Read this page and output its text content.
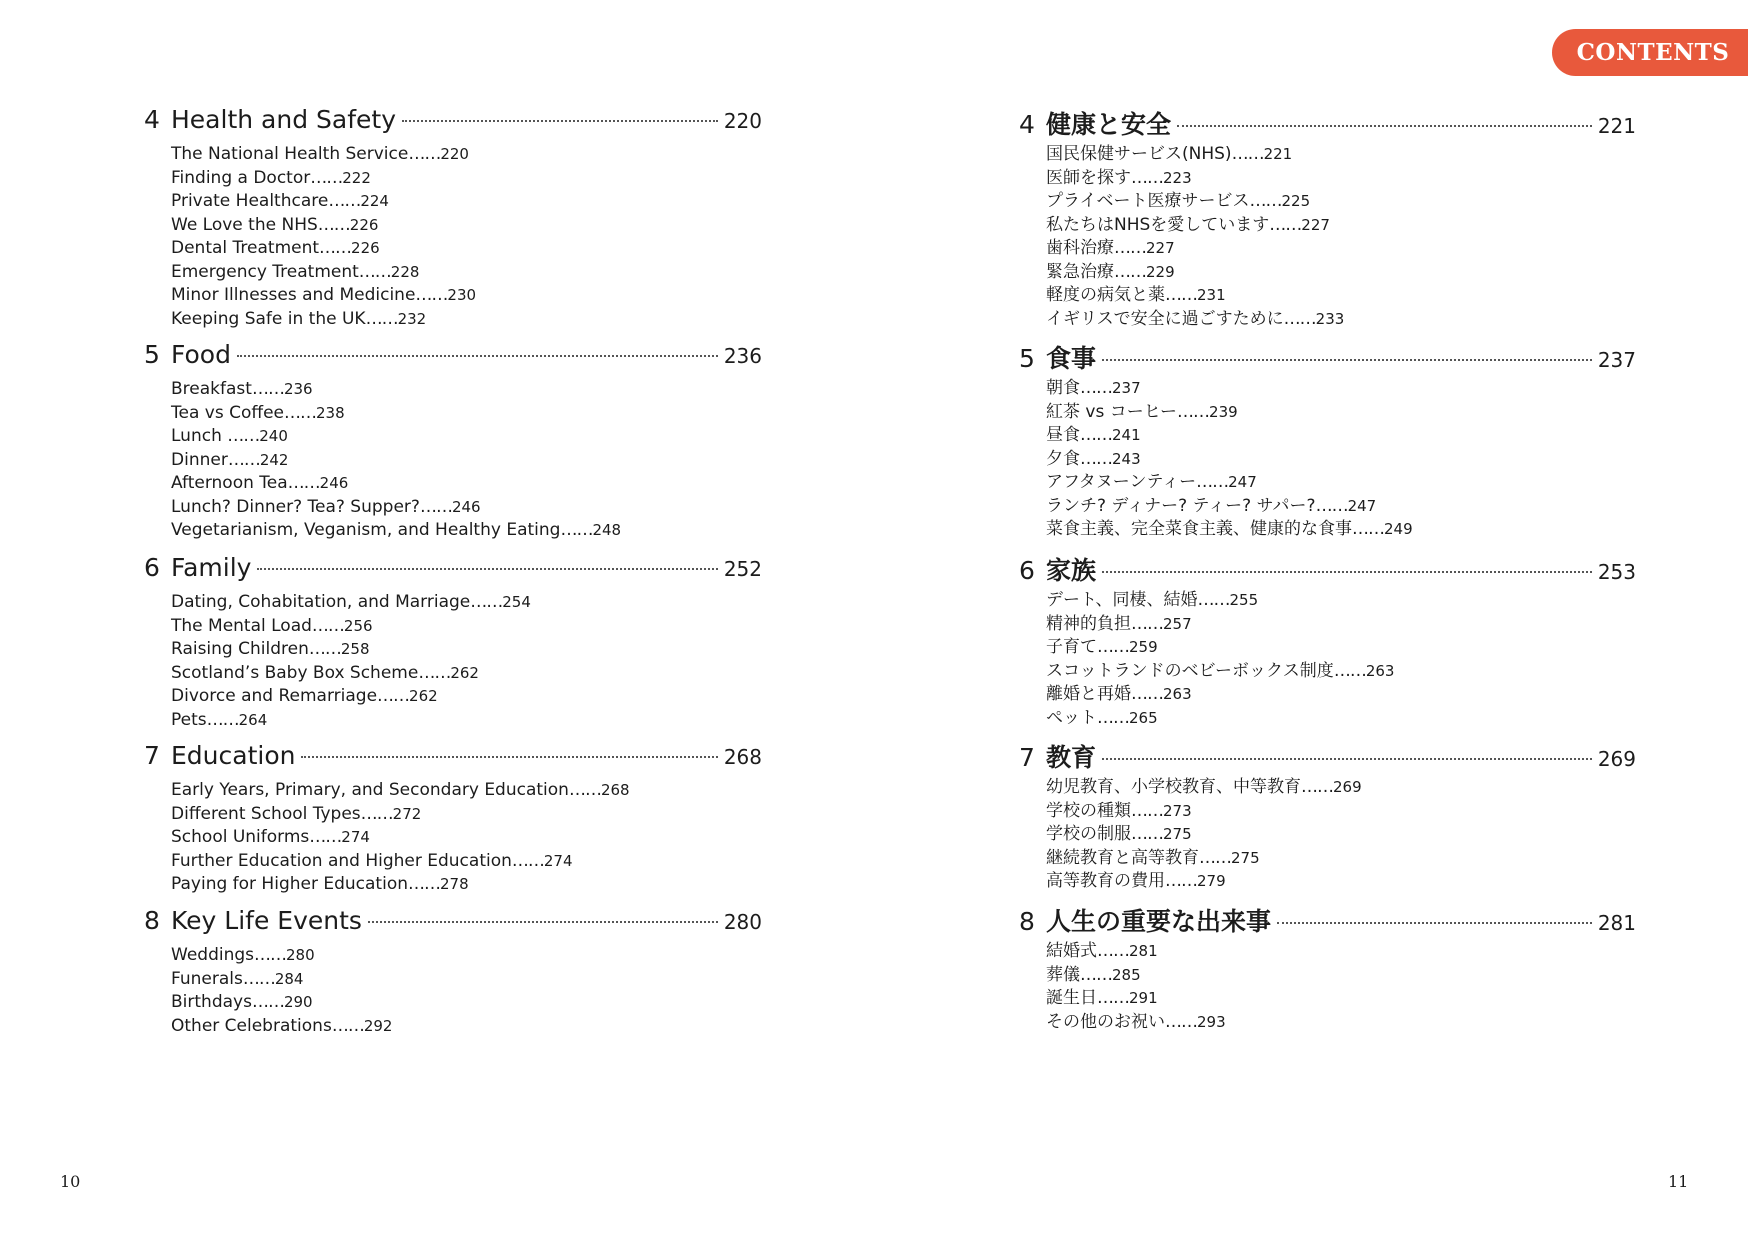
CONTENTS
4 Health and Safety	220
The National Health Service……220
Finding a Doctor……222
Private Healthcare……224
We Love the NHS……226
Dental Treatment……226
Emergency Treatment……228
Minor Illnesses and Medicine……230
Keeping Safe in the UK……232
5 Food	236
Breakfast……236
Tea vs Coffee……238
Lunch ……240
Dinner……242
Afternoon Tea……246
Lunch? Dinner? Tea? Supper?……246
Vegetarianism, Veganism, and Healthy Eating……248
6 Family	252
Dating, Cohabitation, and Marriage……254
The Mental Load……256
Raising Children……258
Scotland’s Baby Box Scheme……262
Divorce and Remarriage……262
Pets……264
7 Education	268
Early Years, Primary, and Secondary Education……268
Different School Types……272
School Uniforms……274
Further Education and Higher Education……274
Paying for Higher Education……278
8 Key Life Events	280
Weddings……280
Funerals……284
Birthdays……290
Other Celebrations……292
4 健康と安全	221
国民保健サービス(NHS)……221
医師を探す……223
プライベート医療サービス……225
私たちはNHSを愛しています……227
歯科治療……227
緊急治療……229
軽度の病気と薬……231
イギリスで安全に過ごすために……233
5 食事	237
朝食……237
紅茶 vs コーヒー……239
昼食……241
夕食……243
アフタヌーンティー……247
ランチ? ディナー? ティー? サパー?……247
菜食主義、完全菜食主義、健康的な食事……249
6 家族	253
デート、同棲、結婚……255
精神的負担……257
子育て……259
スコットランドのベビーボックス制度……263
離婚と再婚……263
ペット……265
7 教育	269
幼児教育、小学校教育、中等教育……269
学校の種類……273
学校の制服……275
継続教育と高等教育……275
高等教育の費用……279
8 人生の重要な出来事	281
結婚式……281
葬儀……285
誕生日……291
その他のお祝い……293
10	11
